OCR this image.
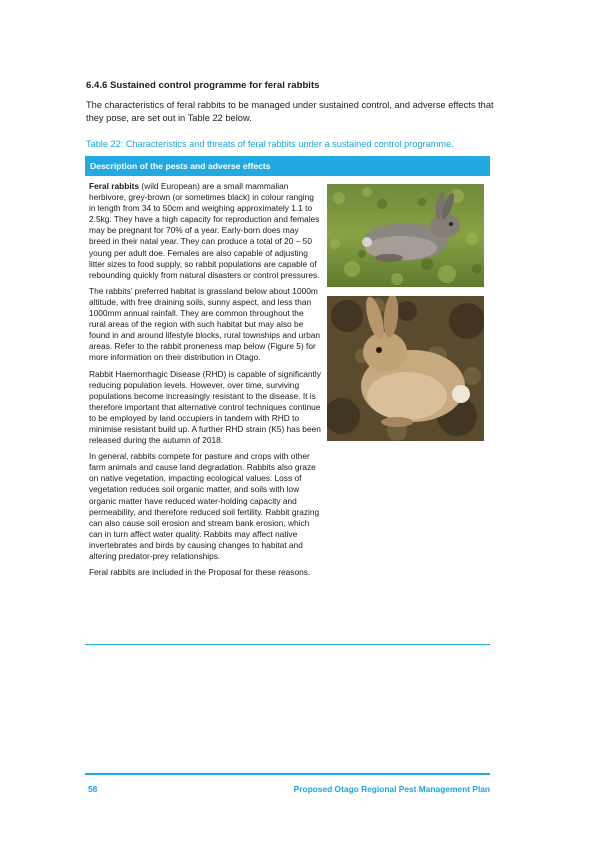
6.4.6 Sustained control programme for feral rabbits
The characteristics of feral rabbits to be managed under sustained control, and adverse effects that they pose, are set out in Table 22 below.
Table 22: Characteristics and threats of feral rabbits under a sustained control programme.
Description of the pests and adverse effects

Feral rabbits (wild European) are a small mammalian herbivore, grey-brown (or sometimes black) in colour ranging in length from 34 to 50cm and weighing approximately 1.1 to 2.5kg. They have a high capacity for reproduction and females may be pregnant for 70% of a year. Early-born does may breed in their natal year. They can produce a total of 20 – 50 young per adult doe. Females are also capable of adjusting litter sizes to food supply, so rabbit populations are capable of rebounding quickly from natural disasters or control pressures.

The rabbits’ preferred habitat is grassland below about 1000m altitude, with free draining soils, sunny aspect, and less than 1000mm annual rainfall. They are common throughout the rural areas of the region with such habitat but may also be found in and around lifestyle blocks, rural townships and urban areas. Refer to the rabbit proneness map below (Figure 5) for more information on their distribution in Otago.

Rabbit Haemorrhagic Disease (RHD) is capable of significantly reducing population levels. However, over time, surviving populations become increasingly resistant to the disease. It is therefore important that alternative control techniques continue to be employed by land occupiers in tandem with RHD to minimise resistant build up. A further RHD strain (K5) has been released during the autumn of 2018.

In general, rabbits compete for pasture and crops with other farm animals and cause land degradation. Rabbits also graze on native vegetation, impacting ecological values. Loss of vegetation reduces soil organic matter, and soils with low organic matter have reduced water-holding capacity and permeability, and therefore reduced soil fertility. Rabbit grazing can also cause soil erosion and stream bank erosion, which can in turn affect water quality. Rabbits may affect native invertebrates and birds by causing changes to habitat and altering predator-prey relationships.

Feral rabbits are included in the Proposal for these reasons.

58	Proposed Otago Regional Pest Management Plan
